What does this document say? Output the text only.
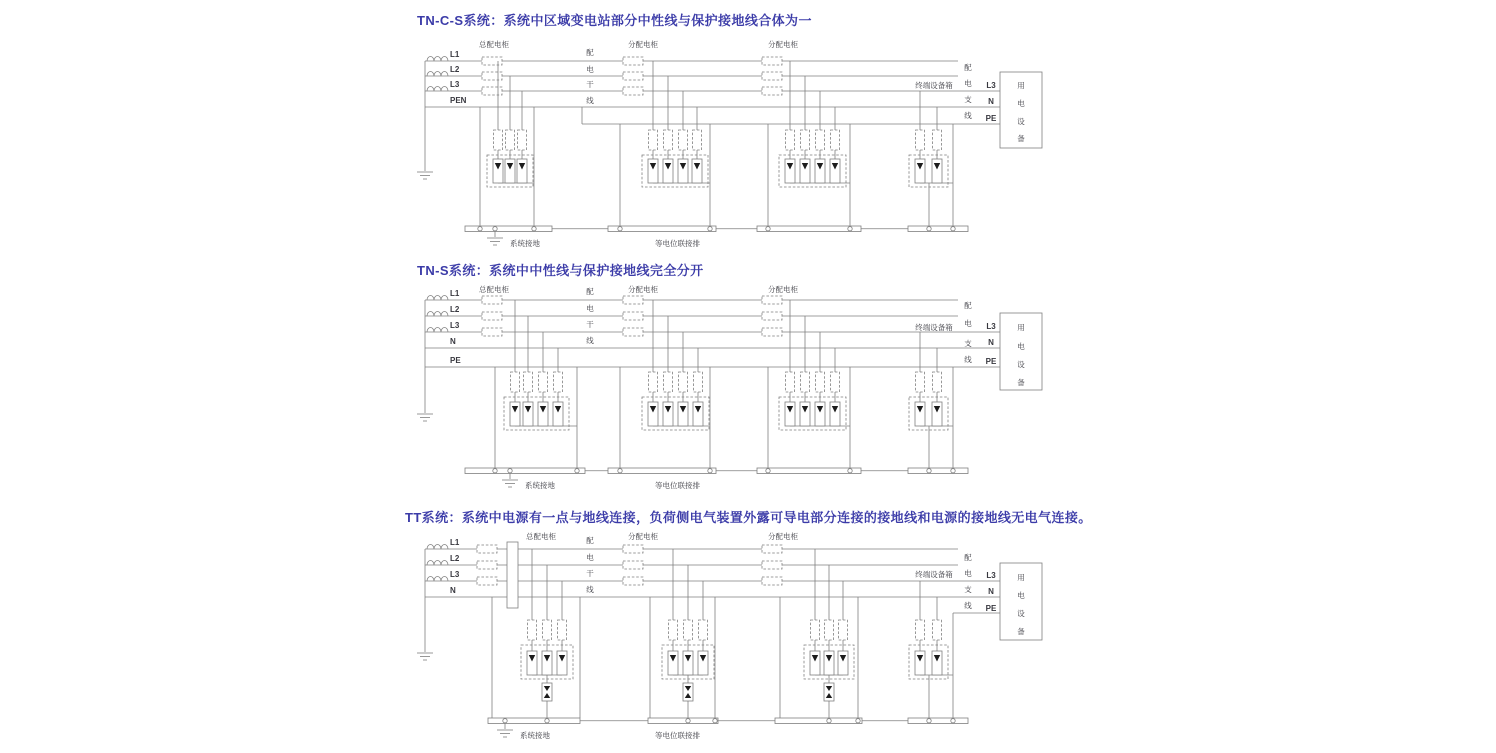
TN-C-S系统：系统中区域变电站部分中性线与保护接地线合体为一
TN-S系统：系统中中性线与保护接地线完全分开
TT系统：系统中电源有一点与地线连接，负荷侧电气装置外露可导电部分连接的接地线和电源的接地线无电气连接。
L1
L2
L3
PEN
总配电柜	分配电柜	分配电柜
配
电
干
线
配
电
支
线
系统接地	等电位联接排
终端设备箱	L3
N
PE
用
电
设
备
L1
L2
L3
N
PE
总配电柜	分配电柜	分配电柜
配
电
干
线
配
电
支
线
系统接地	等电位联接排
终端设备箱	L3
N
PE
用
电
设
备
L1
L2
L3
N
总配电柜	分配电柜	分配电柜
配
电
干
线
配
电
支
线
系统接地	等电位联接排
终端设备箱	L3
N
PE
用
电
设
备
